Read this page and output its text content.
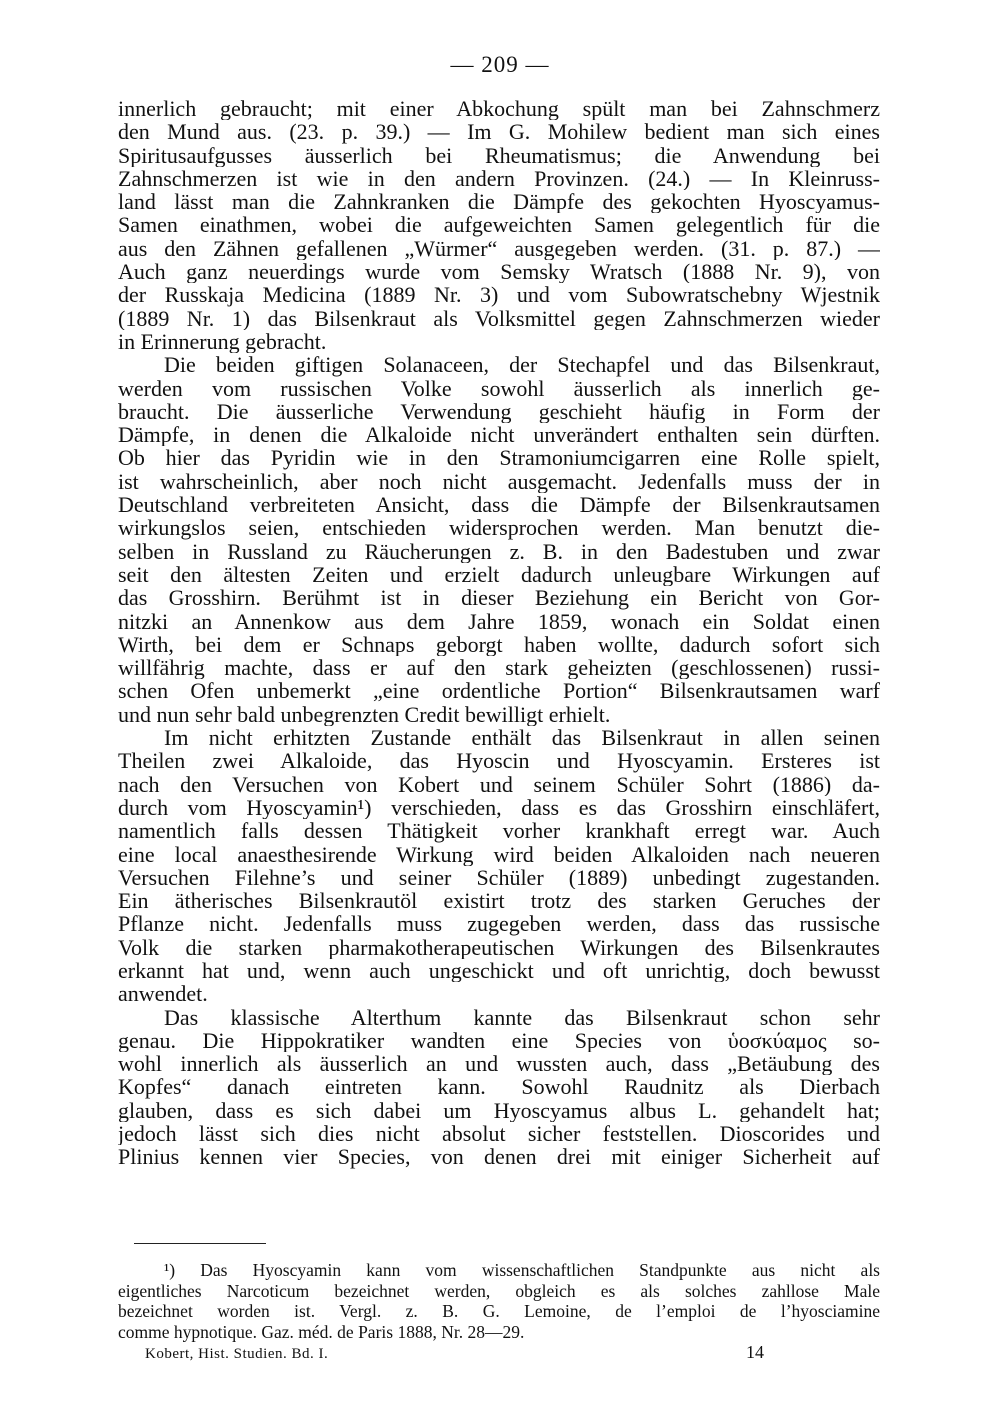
— 209 —
innerlich gebraucht; mit einer Abkochung spült man bei Zahnschmerz
den Mund aus. (23. p. 39.) — Im G. Mohilew bedient man sich eines
Spiritusaufgusses äusserlich bei Rheumatismus; die Anwendung bei
Zahnschmerzen ist wie in den andern Provinzen. (24.) — In Kleinruss-
land lässt man die Zahnkranken die Dämpfe des gekochten Hyoscyamus-
Samen einathmen, wobei die aufgeweichten Samen gelegentlich für die
aus den Zähnen gefallenen „Würmer“ ausgegeben werden. (31. p. 87.) —
Auch ganz neuerdings wurde vom Semsky Wratsch (1888 Nr. 9), von
der Russkaja Medicina (1889 Nr. 3) und vom Subowratschebny Wjestnik
(1889 Nr. 1) das Bilsenkraut als Volksmittel gegen Zahnschmerzen wieder
in Erinnerung gebracht.
Die beiden giftigen Solanaceen, der Stechapfel und das Bilsenkraut,
werden vom russischen Volke sowohl äusserlich als innerlich ge-
braucht. Die äusserliche Verwendung geschieht häufig in Form der
Dämpfe, in denen die Alkaloide nicht unverändert enthalten sein dürften.
Ob hier das Pyridin wie in den Stramoniumcigarren eine Rolle spielt,
ist wahrscheinlich, aber noch nicht ausgemacht. Jedenfalls muss der in
Deutschland verbreiteten Ansicht, dass die Dämpfe der Bilsenkrautsamen
wirkungslos seien, entschieden widersprochen werden. Man benutzt die-
selben in Russland zu Räucherungen z. B. in den Badestuben und zwar
seit den ältesten Zeiten und erzielt dadurch unleugbare Wirkungen auf
das Grosshirn. Berühmt ist in dieser Beziehung ein Bericht von Gor-
nitzki an Annenkow aus dem Jahre 1859, wonach ein Soldat einen
Wirth, bei dem er Schnaps geborgt haben wollte, dadurch sofort sich
willfährig machte, dass er auf den stark geheizten (geschlossenen) russi-
schen Ofen unbemerkt „eine ordentliche Portion“ Bilsenkrautsamen warf
und nun sehr bald unbegrenzten Credit bewilligt erhielt.
Im nicht erhitzten Zustande enthält das Bilsenkraut in allen seinen
Theilen zwei Alkaloide, das Hyoscin und Hyoscyamin. Ersteres ist
nach den Versuchen von Kobert und seinem Schüler Sohrt (1886) da-
durch vom Hyoscyamin¹) verschieden, dass es das Grosshirn einschläfert,
namentlich falls dessen Thätigkeit vorher krankhaft erregt war. Auch
eine local anaesthesirende Wirkung wird beiden Alkaloiden nach neueren
Versuchen Filehne’s und seiner Schüler (1889) unbedingt zugestanden.
Ein ätherisches Bilsenkrautöl existirt trotz des starken Geruches der
Pflanze nicht. Jedenfalls muss zugegeben werden, dass das russische
Volk die starken pharmakotherapeutischen Wirkungen des Bilsenkrautes
erkannt hat und, wenn auch ungeschickt und oft unrichtig, doch bewusst
anwendet.
Das klassische Alterthum kannte das Bilsenkraut schon sehr
genau. Die Hippokratiker wandten eine Species von ὑοσκύαμος so-
wohl innerlich als äusserlich an und wussten auch, dass „Betäubung des
Kopfes“ danach eintreten kann. Sowohl Raudnitz als Dierbach
glauben, dass es sich dabei um Hyoscyamus albus L. gehandelt hat;
jedoch lässt sich dies nicht absolut sicher feststellen. Dioscorides und
Plinius kennen vier Species, von denen drei mit einiger Sicherheit auf
¹) Das Hyoscyamin kann vom wissenschaftlichen Standpunkte aus nicht als
eigentliches Narcoticum bezeichnet werden, obgleich es als solches zahllose Male
bezeichnet worden ist. Vergl. z. B. G. Lemoine, de l’emploi de l’hyosciamine
comme hypnotique. Gaz. méd. de Paris 1888, Nr. 28—29.
Kobert, Hist. Studien. Bd. I.	14
